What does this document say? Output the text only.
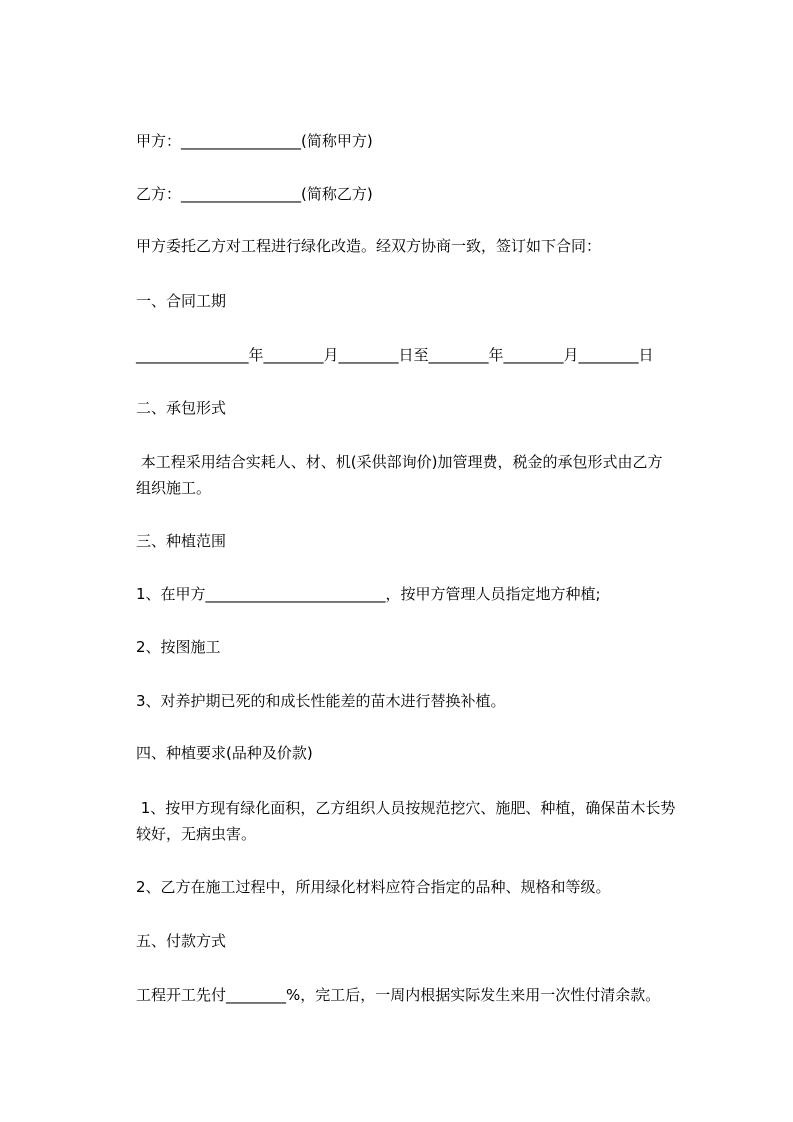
甲方：________________(简称甲方)
乙方：________________(简称乙方)
甲方委托乙方对工程进行绿化改造。经双方协商一致，签订如下合同：
一、合同工期
_______________年________月________日至________年________月________日
二、承包形式
本工程采用结合实耗人、材、机(采供部询价)加管理费，税金的承包形式由乙方
组织施工。
三、种植范围
1、在甲方________________________，按甲方管理人员指定地方种植;
2、按图施工
3、对养护期已死的和成长性能差的苗木进行替换补植。
四、种植要求(品种及价款)
1、按甲方现有绿化面积，乙方组织人员按规范挖穴、施肥、种植，确保苗木长势
较好，无病虫害。
2、乙方在施工过程中，所用绿化材料应符合指定的品种、规格和等级。
五、付款方式
工程开工先付________%，完工后，一周内根据实际发生来用一次性付清余款。
